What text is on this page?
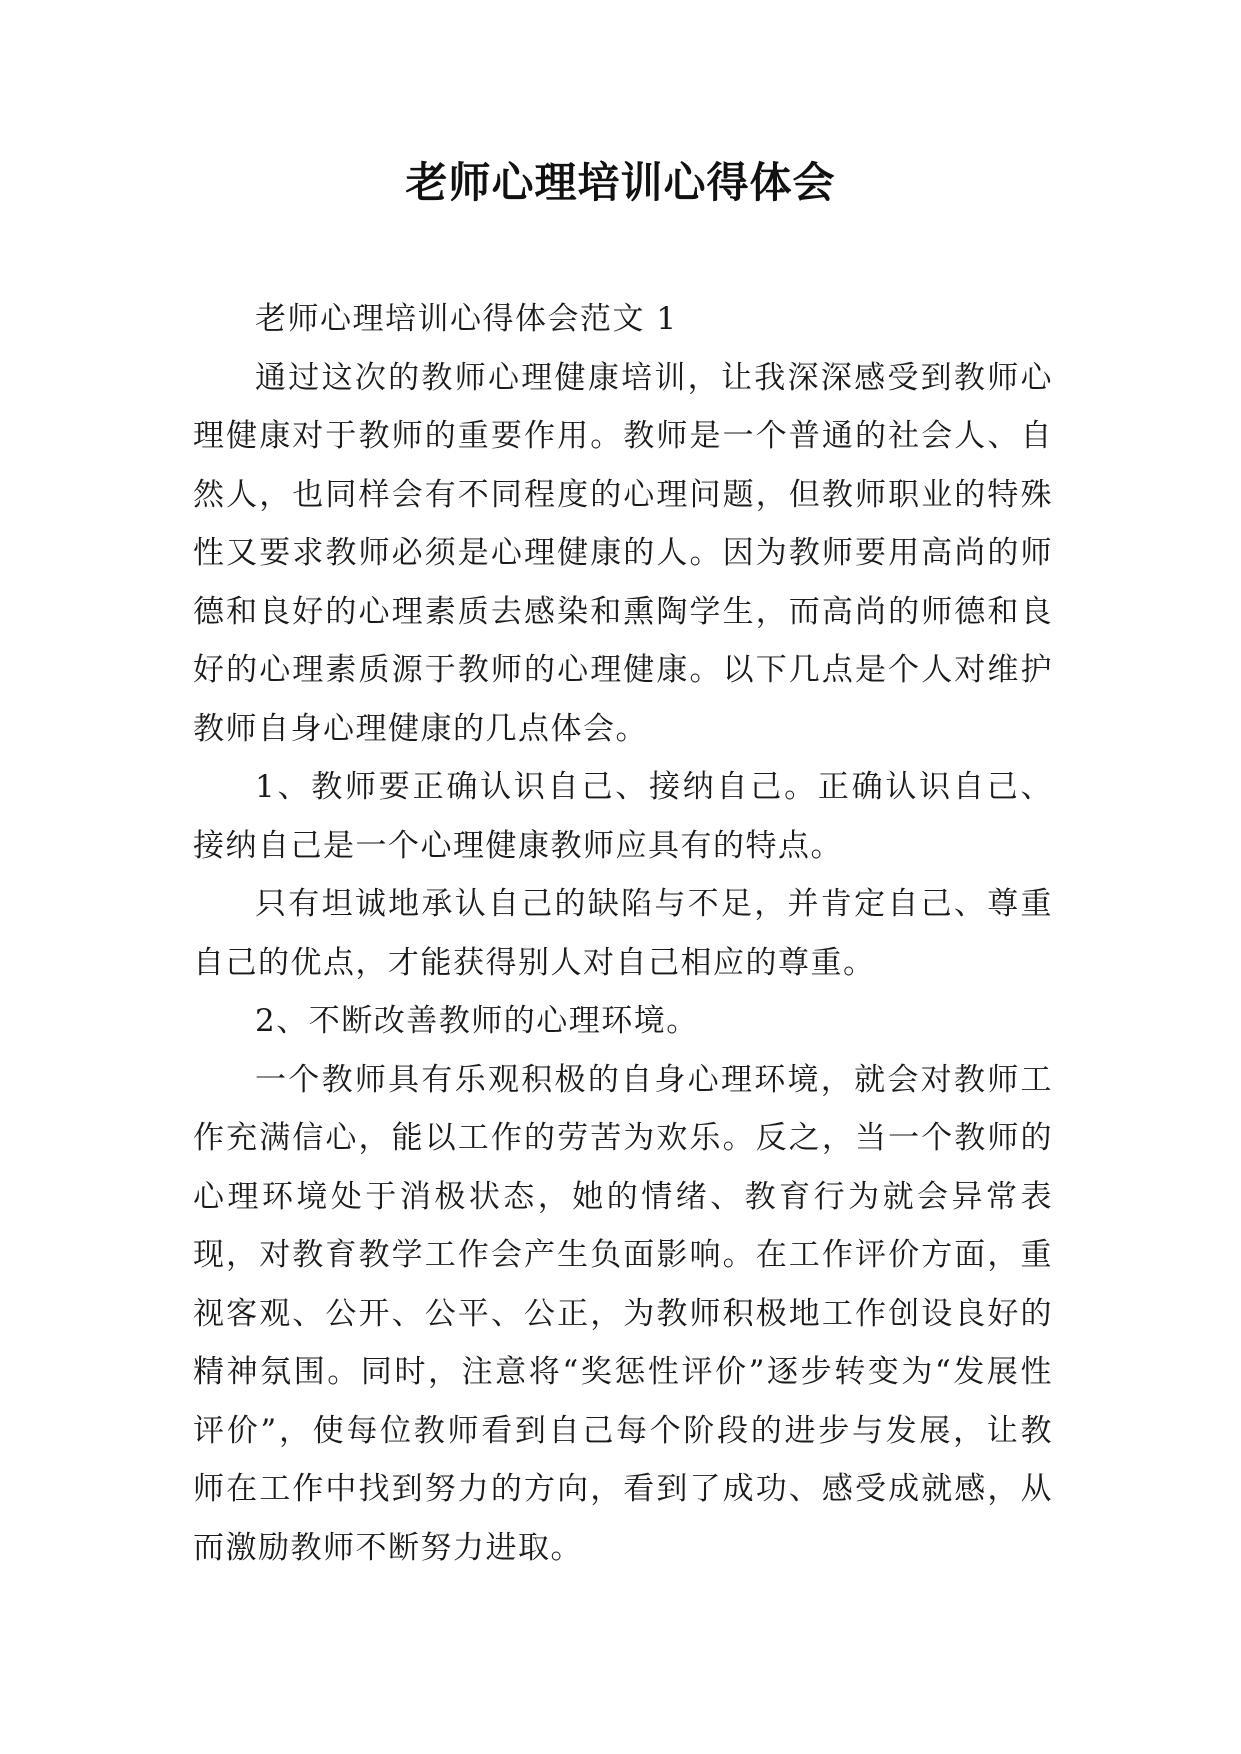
老师心理培训心得体会

老师心理培训心得体会范文 1

通过这次的教师心理健康培训，让我深深感受到教师心理健康对于教师的重要作用。教师是一个普通的社会人、自然人，也同样会有不同程度的心理问题，但教师职业的特殊性又要求教师必须是心理健康的人。因为教师要用高尚的师德和良好的心理素质去感染和熏陶学生，而高尚的师德和良好的心理素质源于教师的心理健康。以下几点是个人对维护教师自身心理健康的几点体会。

1、教师要正确认识自己、接纳自己。正确认识自己、接纳自己是一个心理健康教师应具有的特点。

只有坦诚地承认自己的缺陷与不足，并肯定自己、尊重自己的优点，才能获得别人对自己相应的尊重。

2、不断改善教师的心理环境。

一个教师具有乐观积极的自身心理环境，就会对教师工作充满信心，能以工作的劳苦为欢乐。反之，当一个教师的心理环境处于消极状态，她的情绪、教育行为就会异常表现，对教育教学工作会产生负面影响。在工作评价方面，重视客观、公开、公平、公正，为教师积极地工作创设良好的精神氛围。同时，注意将“奖惩性评价”逐步转变为“发展性评价”，使每位教师看到自己每个阶段的进步与发展，让教师在工作中找到努力的方向，看到了成功、感受成就感，从而激励教师不断努力进取。
